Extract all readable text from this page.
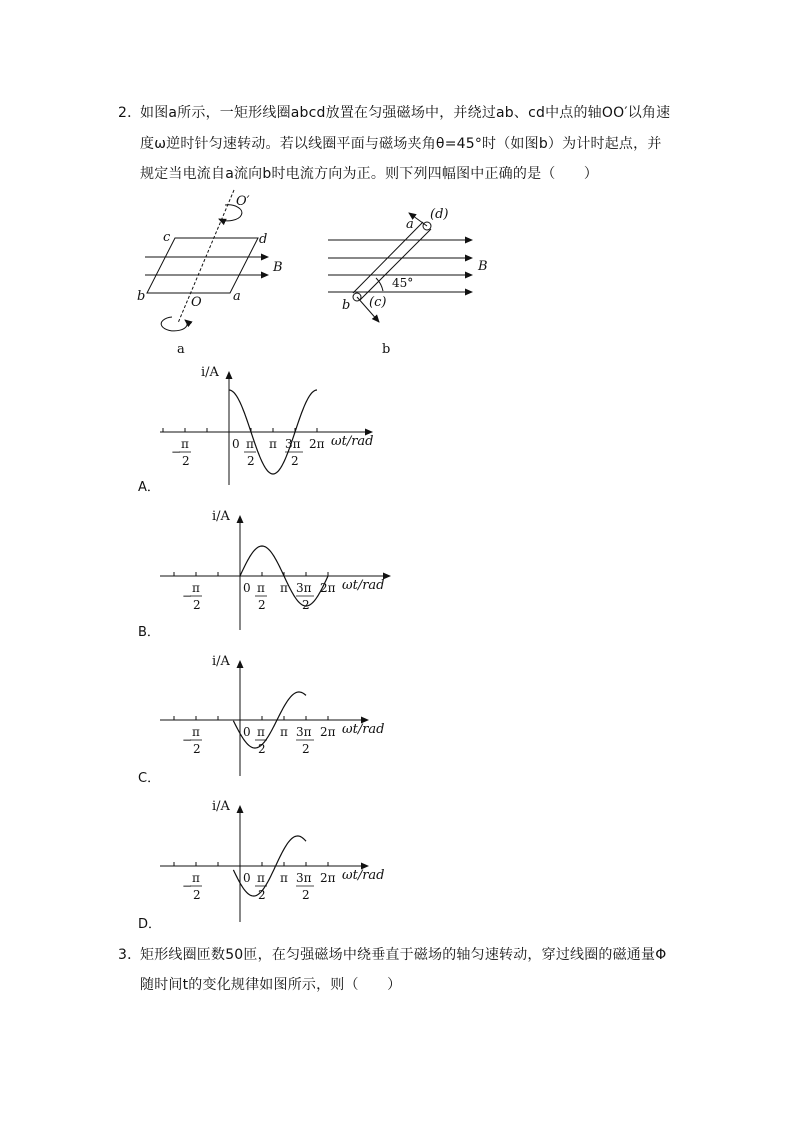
2．
如图a所示，一矩形线圈abcd放置在匀强磁场中，并绕过ab、cd中点的轴OO′以角速
度ω逆时针匀速转动。若以线圈平面与磁场夹角θ=45°时（如图b）为计时起点，并
规定当电流自a流向b时电流方向为正。则下列四幅图中正确的是（　　）
O′
c	d
B
b	O a
a
(d)
a
B
45°
(c)
b
b
i/A
ωt/rad
−
π
2
0 π
2
π 3π
2
2π
i/A
ωt/rad
−
π
2
0 π
2
π 3π
2
2π
i/A
ωt/rad
−
π
2
0 π
2
π 3π
2
2π
i/A
ωt/rad
−
π
2
0 π
2
π 3π
2
2π
A．
B．
C．
D．
3．
矩形线圈匝数50匝，在匀强磁场中绕垂直于磁场的轴匀速转动，穿过线圈的磁通量Φ
随时间t的变化规律如图所示，则（　　）
